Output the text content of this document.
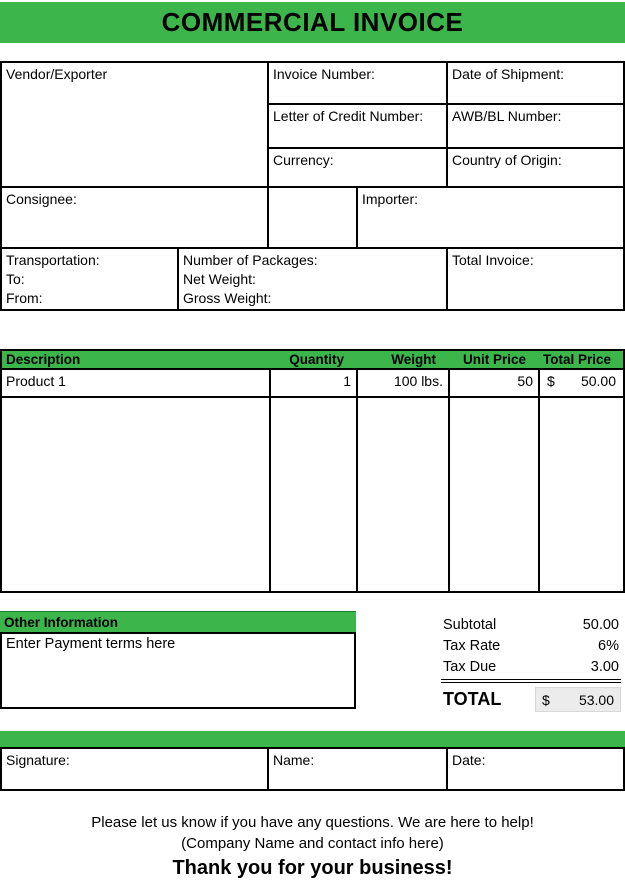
COMMERCIAL INVOICE
Vendor/Exporter	Invoice Number:	Date of Shipment:
Letter of Credit Number:	AWB/BL Number:
Currency:	Country of Origin:
Consignee:	Importer:
Transportation:
To:
From:
Number of Packages:
Net Weight:
Gross Weight:
Total Invoice:
Description	Quantity	Weight	Unit Price	Total Price
Product 1	1	100 lbs.	50	$ 50.00
Other Information
Enter Payment terms here
Subtotal	50.00
Tax Rate	6%
Tax Due	3.00
TOTAL	$ 53.00
Signature:	Name:	Date:
Please let us know if you have any questions. We are here to help!
(Company Name and contact info here)
Thank you for your business!
